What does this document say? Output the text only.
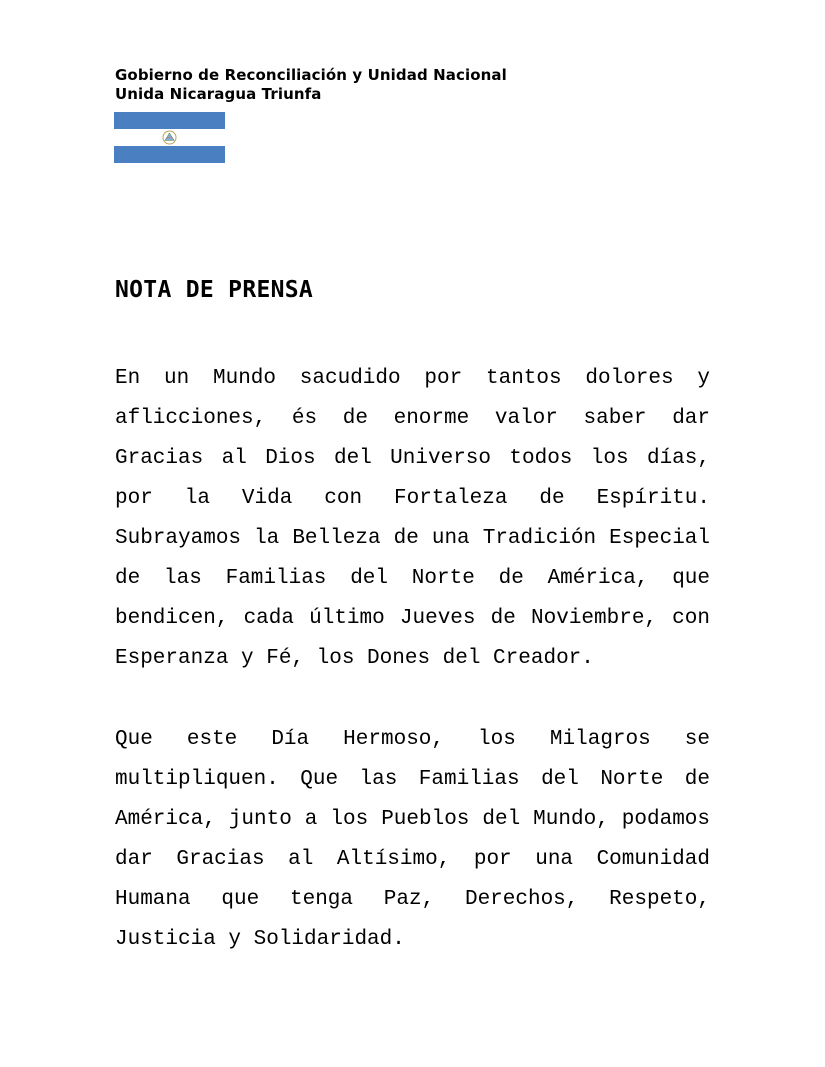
Gobierno de Reconciliación y Unidad Nacional
Unida Nicaragua Triunfa
NOTA DE PRENSA

En un Mundo sacudido por tantos dolores y aflicciones, és de enorme valor saber dar Gracias al Dios del Universo todos los días, por la Vida con Fortaleza de Espíritu. Subrayamos la Belleza de una Tradición Especial de las Familias del Norte de América, que bendicen, cada último Jueves de Noviembre, con Esperanza y Fé, los Dones del Creador.

Que este Día Hermoso, los Milagros se multipliquen. Que las Familias del Norte de América, junto a los Pueblos del Mundo, podamos dar Gracias al Altísimo, por una Comunidad Humana que tenga Paz, Derechos, Respeto, Justicia y Solidaridad.
